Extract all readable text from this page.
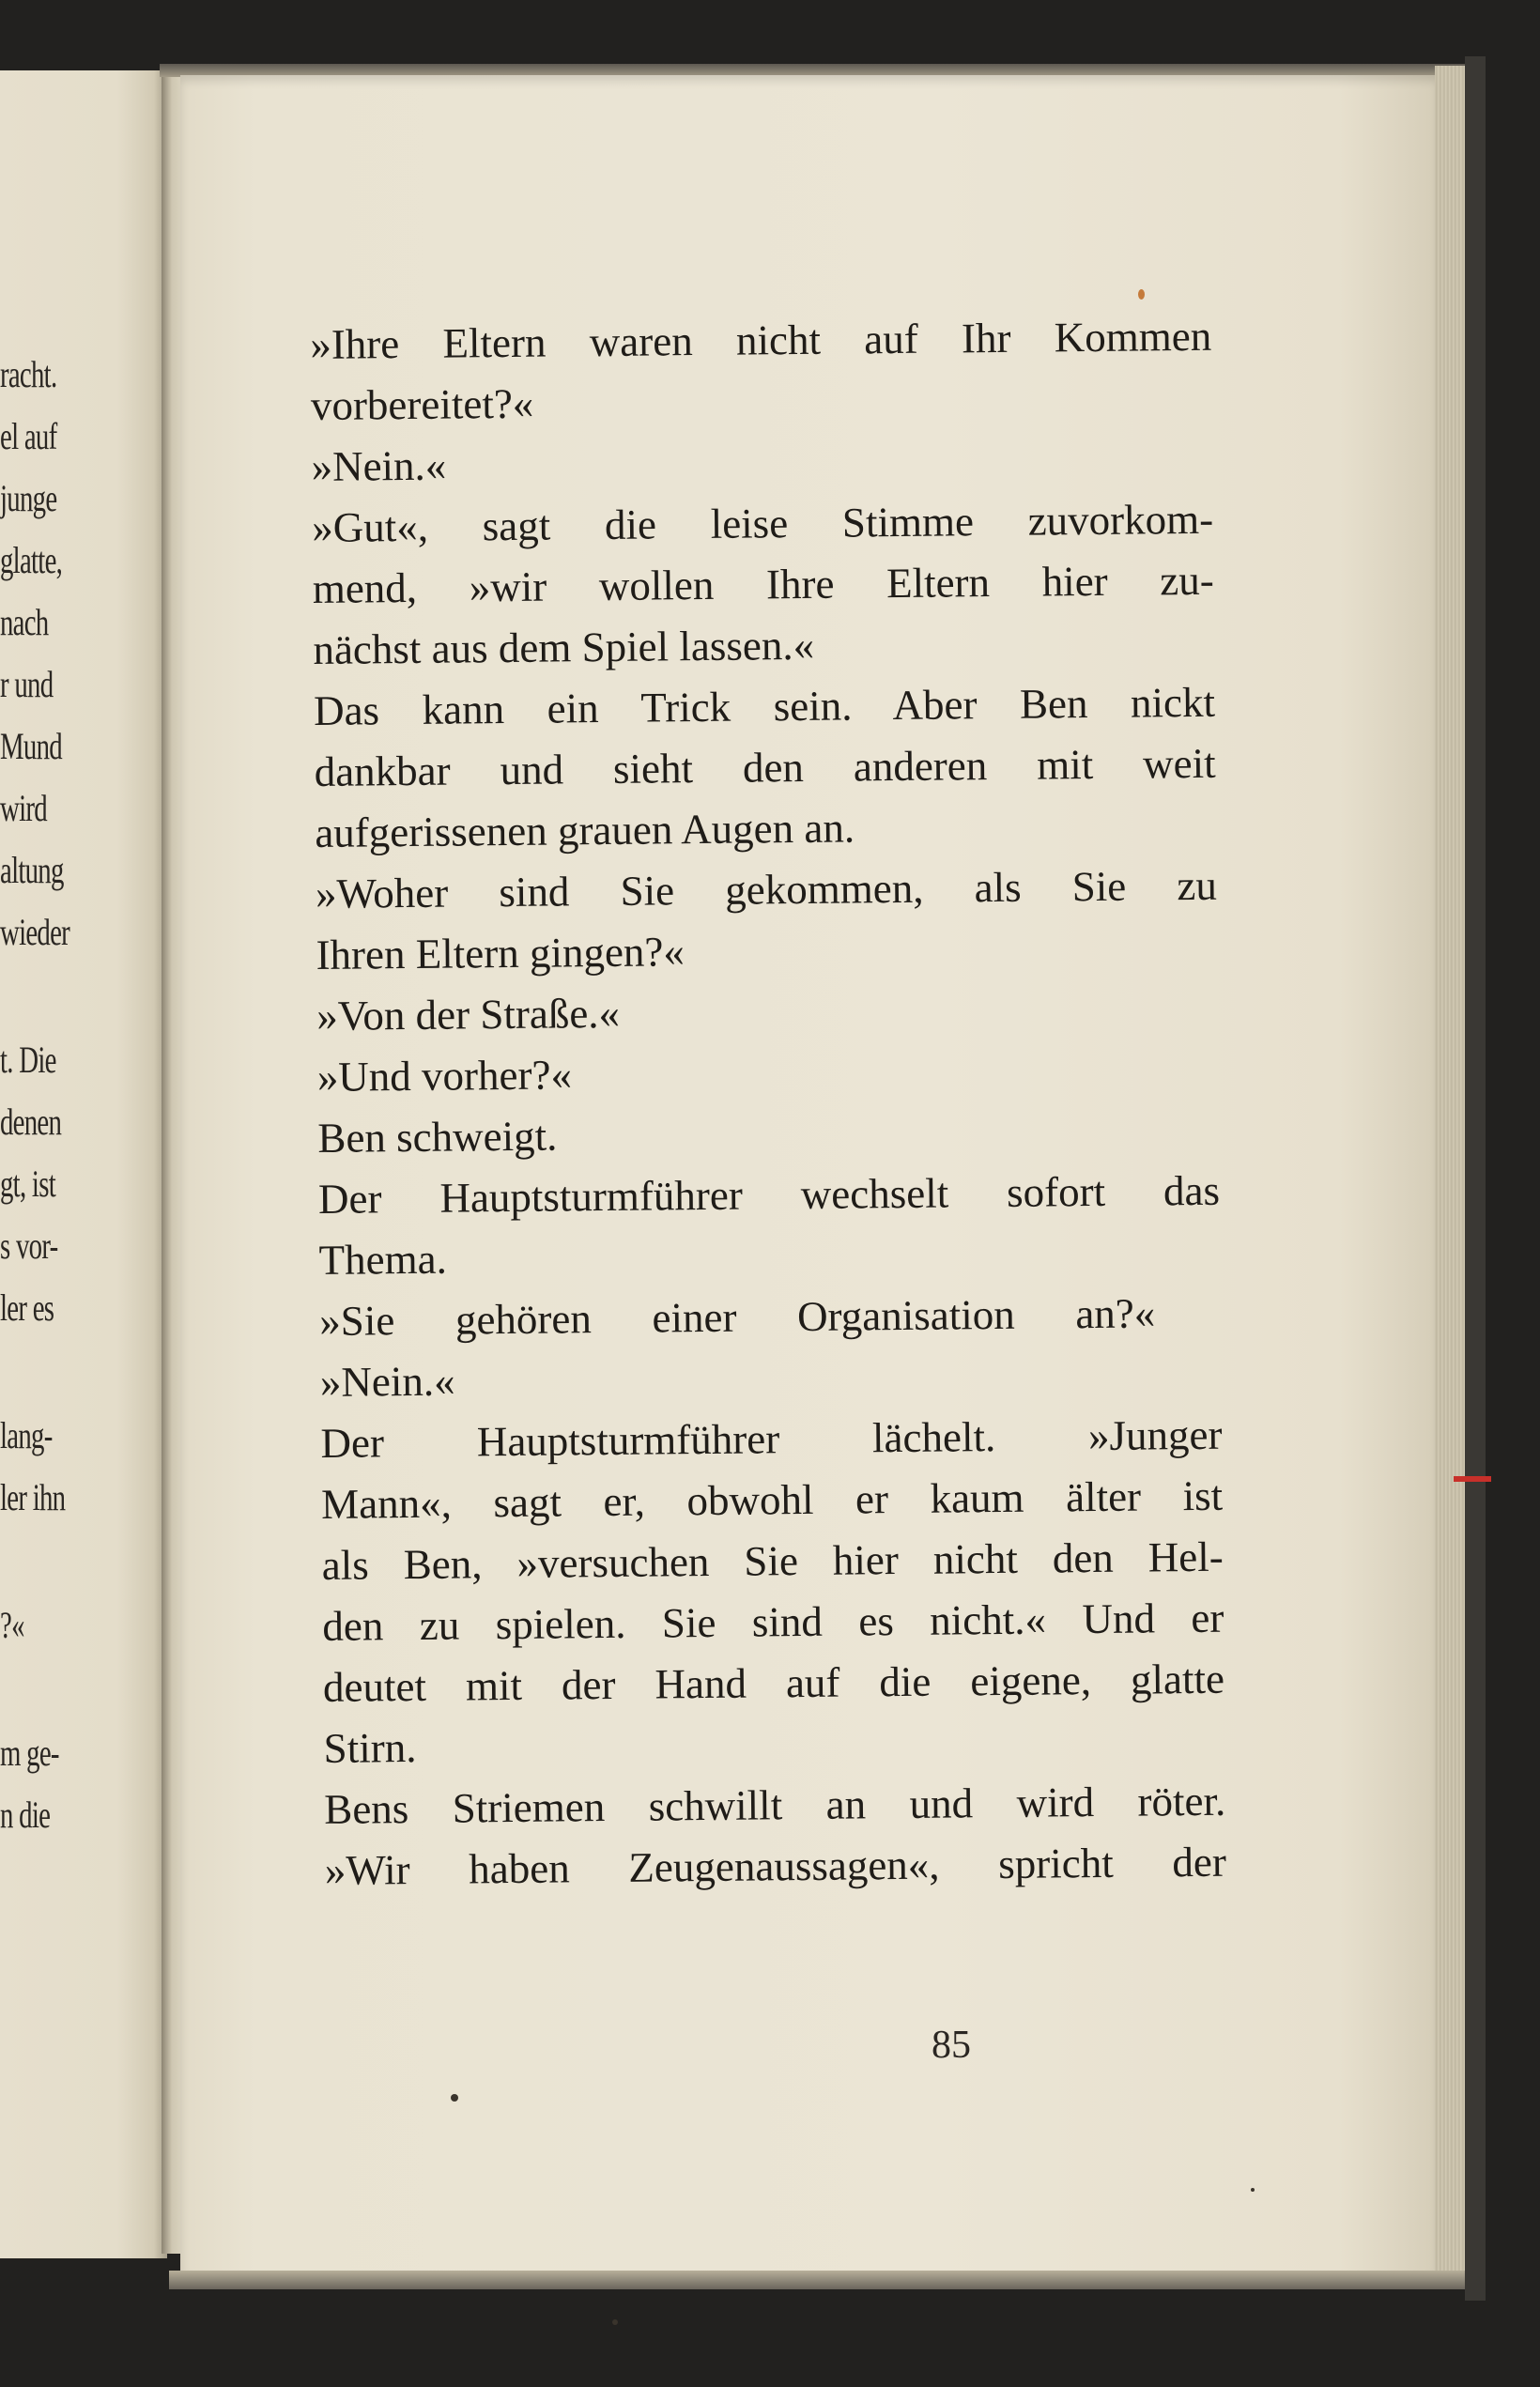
racht.
el auf
junge
glatte,
nach
r und
Mund
wird
altung
wieder
t. Die
denen
gt, ist
s vor-
ler es
lang-
ler ihn
?«
m ge-
n die
»Ihre Eltern waren nicht auf Ihr Kommen
vorbereitet?«
»Nein.«
»Gut«, sagt die leise Stimme zuvorkom-
mend, »wir wollen Ihre Eltern hier zu-
nächst aus dem Spiel lassen.«
Das kann ein Trick sein. Aber Ben nickt
dankbar und sieht den anderen mit weit
aufgerissenen grauen Augen an.
»Woher sind Sie gekommen, als Sie zu
Ihren Eltern gingen?«
»Von der Straße.«
»Und vorher?«
Ben schweigt.
Der Hauptsturmführer wechselt sofort das
Thema.
»Sie gehören einer Organisation an?«
»Nein.«
Der Hauptsturmführer lächelt. »Junger
Mann«, sagt er, obwohl er kaum älter ist
als Ben, »versuchen Sie hier nicht den Hel-
den zu spielen. Sie sind es nicht.« Und er
deutet mit der Hand auf die eigene, glatte
Stirn.
Bens Striemen schwillt an und wird röter.
»Wir haben Zeugenaussagen«, spricht der
85
